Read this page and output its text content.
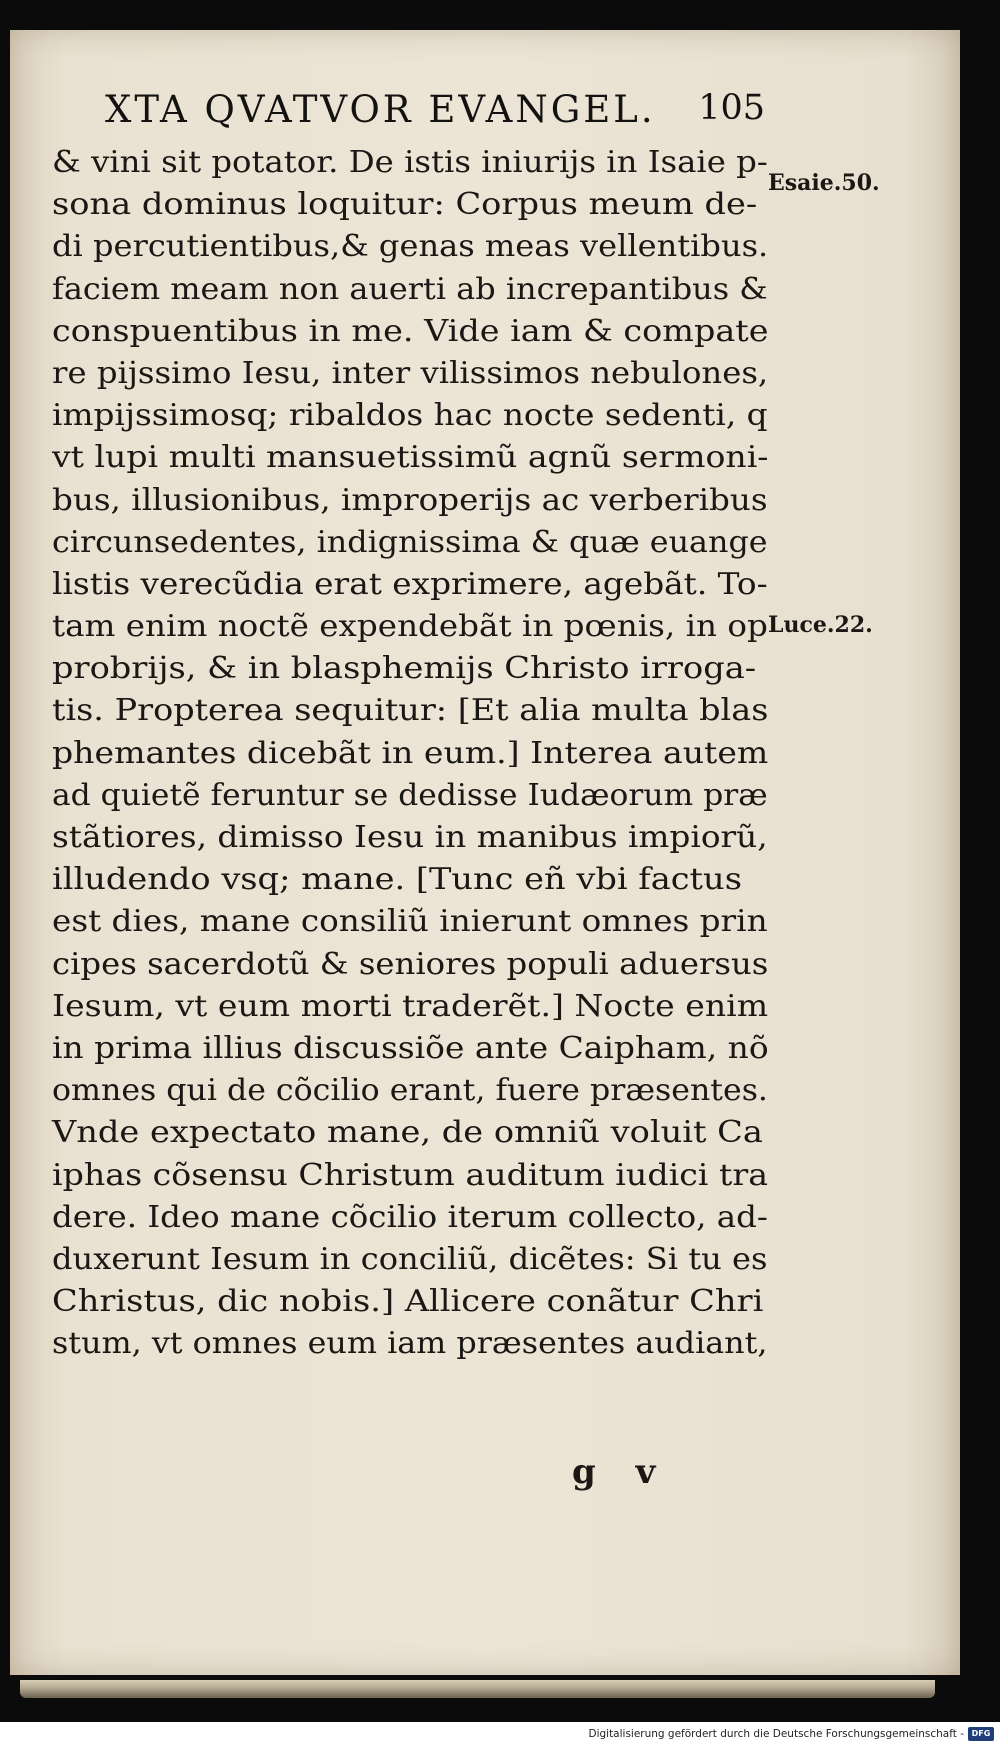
XTA QVATVOR EVANGEL. 105
Esaie.50.
Luce.22.
& vini sit potator. De istis iniurijs in Isaie p-
sona dominus loquitur: Corpus meum de-
di percutientibus,& genas meas vellentibus.
faciem meam non auerti ab increpantibus &
conspuentibus in me. Vide iam & compate
re pijssimo Iesu, inter vilissimos nebulones,
impijssimosq; ribaldos hac nocte sedenti, q
vt lupi multi mansuetissimũ agnũ sermoni-
bus, illusionibus, improperijs ac verberibus
circunsedentes, indignissima & quæ euange
listis verecũdia erat exprimere, agebãt. To-
tam enim noctẽ expendebãt in pœnis, in op
probrijs, & in blasphemijs Christo irroga-
tis. Propterea sequitur: [Et alia multa blas
phemantes dicebãt in eum.] Interea autem
ad quietẽ feruntur se dedisse Iudæorum præ
stãtiores, dimisso Iesu in manibus impiorũ,
illudendo vsq; mane. [Tunc eñ vbi factus
est dies, mane consiliũ inierunt omnes prin
cipes sacerdotũ & seniores populi aduersus
Iesum, vt eum morti traderẽt.] Nocte enim
in prima illius discussiõe ante Caipham, nõ
omnes qui de cõcilio erant, fuere præsentes.
Vnde expectato mane, de omniũ voluit Ca
iphas cõsensu Christum auditum iudici tra
dere. Ideo mane cõcilio iterum collecto, ad-
duxerunt Iesum in conciliũ, dicẽtes: Si tu es
Christus, dic nobis.] Allicere conãtur Chri
stum, vt omnes eum iam præsentes audiant,
g v
Digitalisierung gefördert durch die Deutsche Forschungsgemeinschaft - DFG
